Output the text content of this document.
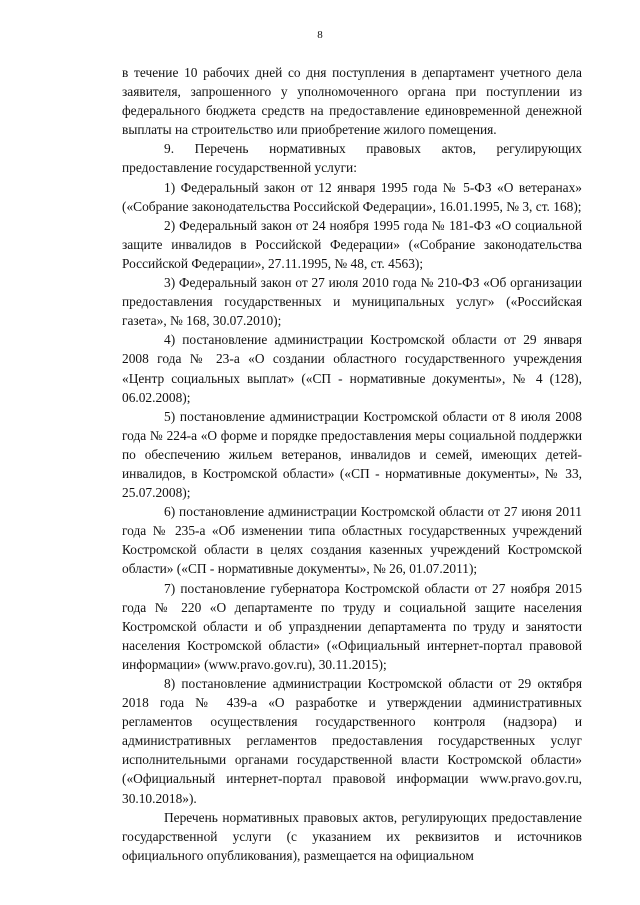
8

в течение 10 рабочих дней со дня поступления в департамент учетного дела заявителя, запрошенного у уполномоченного органа при поступлении из федерального бюджета средств на предоставление единовременной денежной выплаты на строительство или приобретение жилого помещения.

9. Перечень нормативных правовых актов, регулирующих предоставление государственной услуги:

1) Федеральный закон от 12 января 1995 года № 5-ФЗ «О ветеранах» («Собрание законодательства Российской Федерации», 16.01.1995, № 3, ст. 168);

2) Федеральный закон от 24 ноября 1995 года № 181-ФЗ «О социальной защите инвалидов в Российской Федерации» («Собрание законодательства Российской Федерации», 27.11.1995, № 48, ст. 4563);

3) Федеральный закон от 27 июля 2010 года № 210-ФЗ «Об организации предоставления государственных и муниципальных услуг» («Российская газета», № 168, 30.07.2010);

4) постановление администрации Костромской области от 29 января 2008 года № 23-а «О создании областного государственного учреждения «Центр социальных выплат» («СП - нормативные документы», № 4 (128), 06.02.2008);

5) постановление администрации Костромской области от 8 июля 2008 года № 224-а «О форме и порядке предоставления меры социальной поддержки по обеспечению жильем ветеранов, инвалидов и семей, имеющих детей-инвалидов, в Костромской области» («СП - нормативные документы», № 33, 25.07.2008);

6) постановление администрации Костромской области от 27 июня 2011 года № 235-а «Об изменении типа областных государственных учреждений Костромской области в целях создания казенных учреждений Костромской области» («СП - нормативные документы», № 26, 01.07.2011);

7) постановление губернатора Костромской области от 27 ноября 2015 года № 220 «О департаменте по труду и социальной защите населения Костромской области и об упразднении департамента по труду и занятости населения Костромской области» («Официальный интернет-портал правовой информации» (www.pravo.gov.ru), 30.11.2015);

8) постановление администрации Костромской области от 29 октября 2018 года № 439-а «О разработке и утверждении административных регламентов осуществления государственного контроля (надзора) и административных регламентов предоставления государственных услуг исполнительными органами государственной власти Костромской области» («Официальный интернет-портал правовой информации www.pravo.gov.ru, 30.10.2018»).

Перечень нормативных правовых актов, регулирующих предоставление государственной услуги (с указанием их реквизитов и источников официального опубликования), размещается на официальном
